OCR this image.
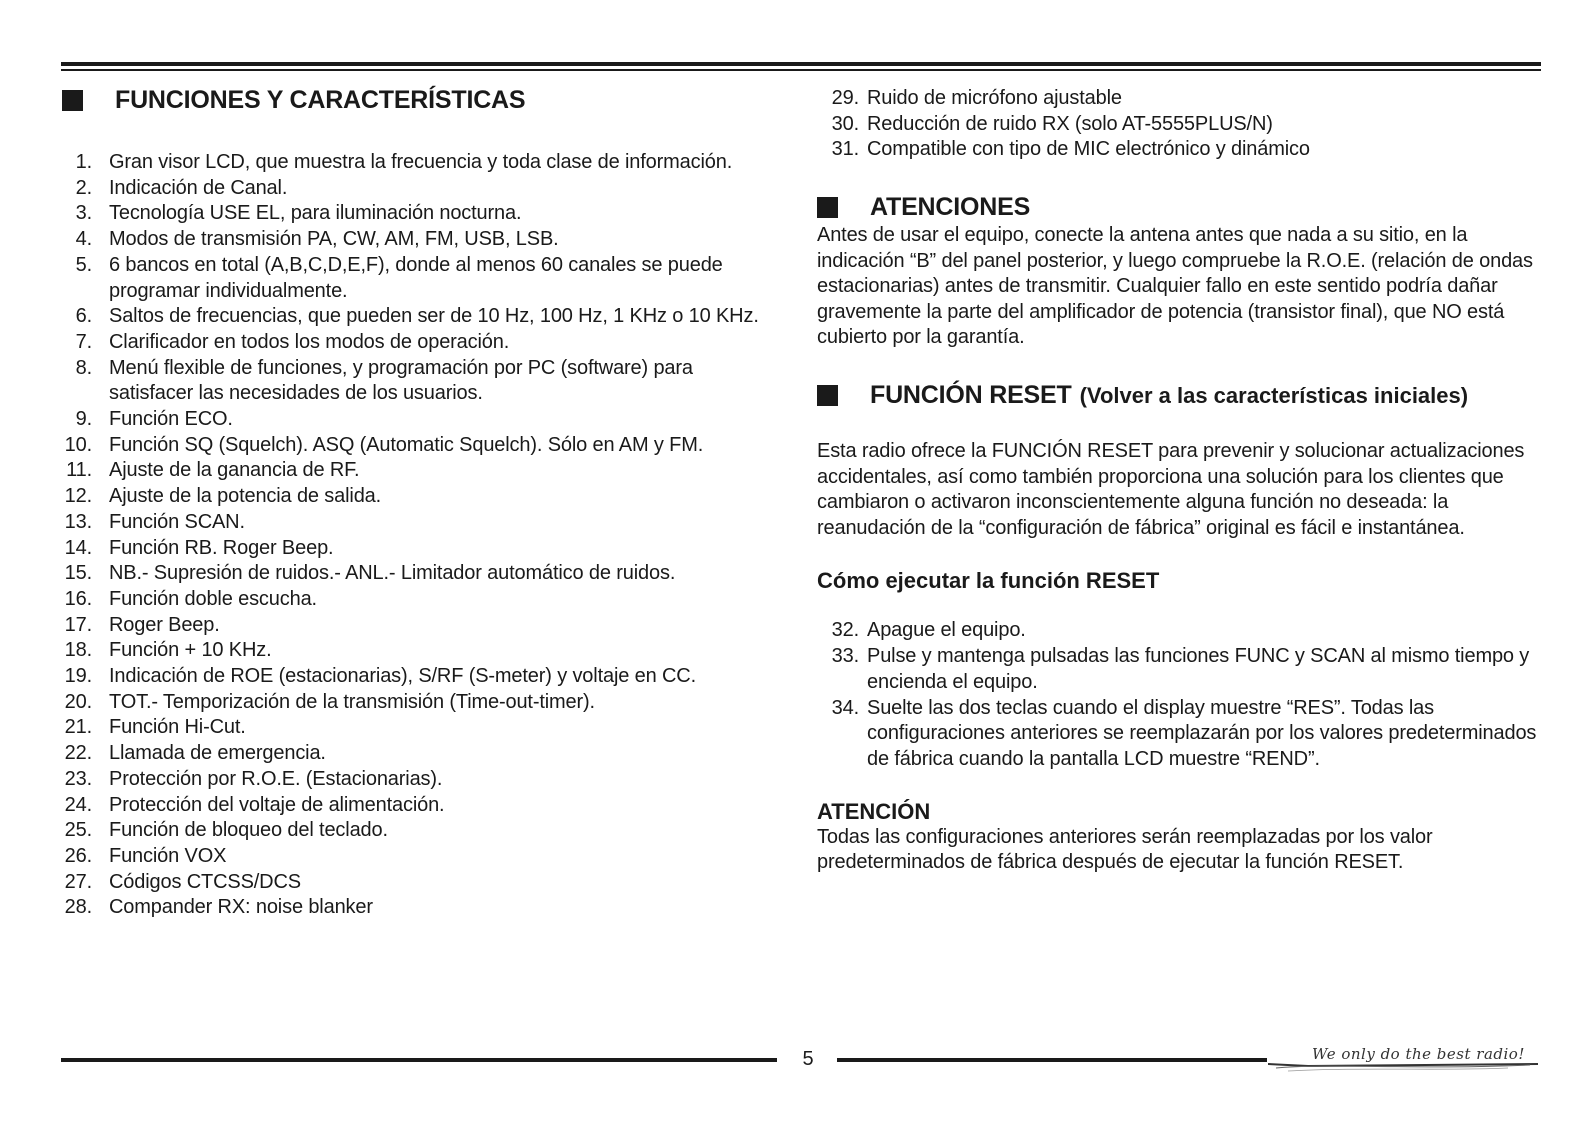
FUNCIONES Y CARACTERÍSTICAS
1. Gran visor LCD, que muestra la frecuencia y toda clase de información.
2. Indicación de Canal.
3. Tecnología USE EL, para iluminación nocturna.
4. Modos de transmisión PA, CW, AM, FM, USB, LSB.
5. 6 bancos en total (A,B,C,D,E,F), donde al menos 60 canales se puede programar individualmente.
6. Saltos de frecuencias, que pueden ser de 10 Hz, 100 Hz, 1 KHz o 10 KHz.
7. Clarificador en todos los modos de operación.
8. Menú flexible de funciones, y programación por PC (software) para satisfacer las necesidades de los usuarios.
9. Función ECO.
10. Función SQ (Squelch). ASQ (Automatic Squelch). Sólo en AM y FM.
11. Ajuste de la ganancia de RF.
12. Ajuste de la potencia de salida.
13. Función SCAN.
14. Función RB. Roger Beep.
15. NB.- Supresión de ruidos.- ANL.- Limitador automático de ruidos.
16. Función doble escucha.
17. Roger Beep.
18. Función + 10 KHz.
19. Indicación de ROE (estacionarias), S/RF (S-meter) y voltaje en CC.
20. TOT.- Temporización de la transmisión (Time-out-timer).
21. Función Hi-Cut.
22. Llamada de emergencia.
23. Protección por R.O.E. (Estacionarias).
24. Protección del voltaje de alimentación.
25. Función de bloqueo del teclado.
26. Función VOX
27. Códigos CTCSS/DCS
28. Compander RX: noise blanker
29. Ruido de micrófono ajustable
30. Reducción de ruido RX (solo AT-5555PLUS/N)
31. Compatible con tipo de MIC electrónico y dinámico
ATENCIONES

Antes de usar el equipo, conecte la antena antes que nada a su sitio, en la indicación “B” del panel posterior, y luego compruebe la R.O.E. (relación de ondas estacionarias) antes de transmitir. Cualquier fallo en este sentido podría dañar gravemente la parte del amplificador de potencia (transistor final), que NO está cubierto por la garantía.

FUNCIÓN RESET (Volver a las características iniciales)

Esta radio ofrece la FUNCIÓN RESET para prevenir y solucionar actualizaciones accidentales, así como también proporciona una solución para los clientes que cambiaron o activaron inconscientemente alguna función no deseada: la reanudación de la “configuración de fábrica” original es fácil e instantánea.

Cómo ejecutar la función RESET
32. Apague el equipo.
33. Pulse y mantenga pulsadas las funciones FUNC y SCAN al mismo tiempo y encienda el equipo.
34. Suelte las dos teclas cuando el display muestre “RES”. Todas las configuraciones anteriores se reemplazarán por los valores predeterminados de fábrica cuando la pantalla LCD muestre “REND”.
ATENCIÓN

Todas las configuraciones anteriores serán reemplazadas por los valor predeterminados de fábrica después de ejecutar la función RESET.

5	We only do the best radio!
